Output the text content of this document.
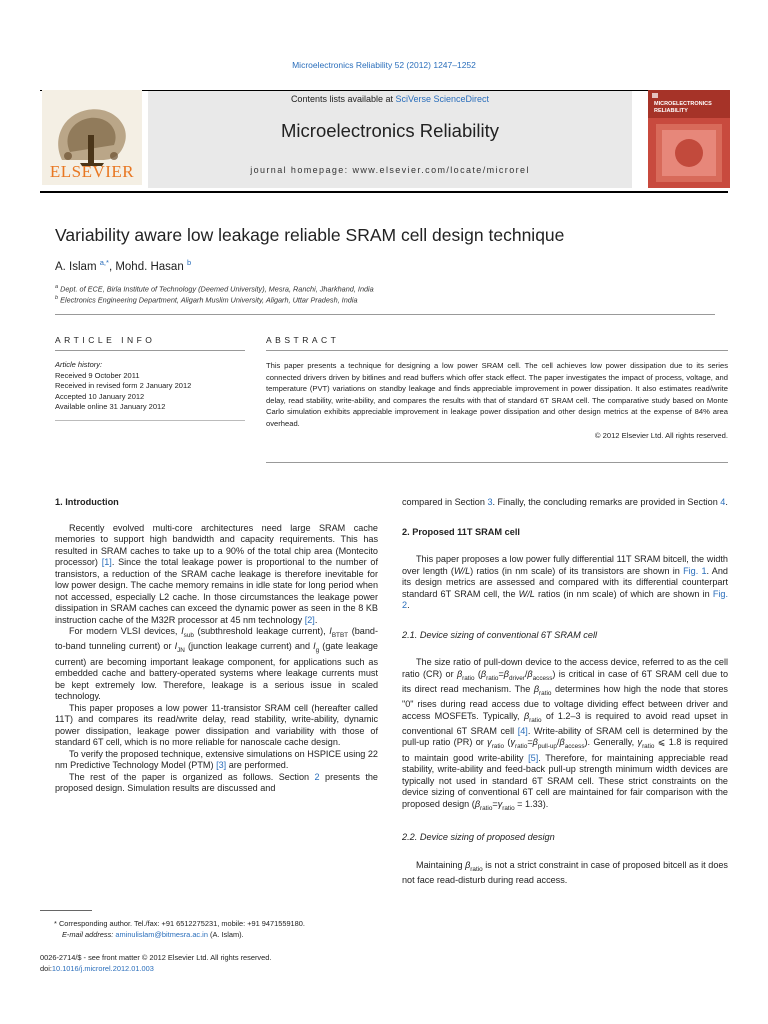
Microelectronics Reliability 52 (2012) 1247–1252
ELSEVIER
Contents lists available at SciVerse ScienceDirect
Microelectronics Reliability
journal homepage: www.elsevier.com/locate/microrel
MICROELECTRONICS RELIABILITY
Variability aware low leakage reliable SRAM cell design technique
A. Islam $^{a,*}$, Mohd. Hasan $^b$
$^a$ Dept. of ECE, Birla Institute of Technology (Deemed University), Mesra, Ranchi, Jharkhand, India
$^b$ Electronics Engineering Department, Aligarh Muslim University, Aligarh, Uttar Pradesh, India
ARTICLE INFO	ABSTRACT
Article history:
Received 9 October 2011
Received in revised form 2 January 2012
Accepted 10 January 2012
Available online 31 January 2012
This paper presents a technique for designing a low power SRAM cell. The cell achieves low power dissipation due to its series connected drivers driven by bitlines and read buffers which offer stack effect. The paper investigates the impact of process, voltage, and temperature (PVT) variations on standby leakage and finds appreciable improvement in power dissipation. It also estimates read/write delay, read stability, write-ability, and compares the results with that of standard 6T SRAM cell. The comparative study based on Monte Carlo simulation exhibits appreciable improvement in leakage power dissipation and other design metrics at the expense of 84% area overhead.
© 2012 Elsevier Ltd. All rights reserved.
1. Introduction

Recently evolved multi-core architectures need large SRAM cache memories to support high bandwidth and capacity requirements. This has resulted in SRAM caches to take up to a 90% of the total chip area (Montecito processor) [1]. Since the total leakage power is proportional to the number of transistors, a reduction of the SRAM cache leakage is therefore inevitable for low power design. The cache memory remains in idle state for long period when not accessed, especially L2 cache. In those circumstances the leakage power dissipation in SRAM caches can exceed the dynamic power as seen in the 8 KB instruction cache of the M32R processor at 45 nm technology [2].

For modern VLSI devices, $I_{sub}$ (subthreshold leakage current), $I_{BTBT}$ (band-to-band tunneling current) or $I_{JN}$ (junction leakage current) and $I_g$ (gate leakage current) are becoming important leakage component, for applications such as embedded cache and battery-operated systems where leakage currents must be kept extremely low. Therefore, leakage is a serious issue in scaled technology.

This paper proposes a low power 11-transistor SRAM cell (hereafter called 11T) and compares its read/write delay, read stability, write-ability, dynamic power dissipation, leakage power dissipation and variability with those of standard 6T cell, which is no more reliable for nanoscale cache design.

To verify the proposed technique, extensive simulations on HSPICE using 22 nm Predictive Technology Model (PTM) [3] are performed.

The rest of the paper is organized as follows. Section 2 presents the proposed design. Simulation results are discussed and

compared in Section 3. Finally, the concluding remarks are provided in Section 4.

2. Proposed 11T SRAM cell

This paper proposes a low power fully differential 11T SRAM bitcell, the width over length (W/L) ratios (in nm scale) of its transistors are shown in Fig. 1. And its design metrics are assessed and compared with its differential counterpart standard 6T SRAM cell, the W/L ratios (in nm scale) of which are shown in Fig. 2.

2.1. Device sizing of conventional 6T SRAM cell

The size ratio of pull-down device to the access device, referred to as the cell ratio (CR) or $\beta_{ratio}$ $(\beta_{ratio}=\beta_{driver}/\beta_{access})$ is critical in case of 6T SRAM cell due to its direct read mechanism. The $\beta_{ratio}$ determines how high the node that stores "0" rises during read access due to voltage dividing effect between driver and access MOSFETs. Typically, $\beta_{ratio}$ of 1.2–3 is required to avoid read upset in conventional 6T SRAM cell [4]. Write-ability of SRAM cell is determined by the pull-up ratio (PR) or $\gamma_{ratio}$ $(\gamma_{ratio}=\beta_{pull-up}/\beta_{access})$. Generally, $\gamma_{ratio}$ ⩽ 1.8 is required to maintain good write-ability [5]. Therefore, for maintaining appreciable read stability, write-ability and feed-back pull-up strength minimum width devices are typically not used in standard 6T SRAM cell. These strict constraints on the device sizing of conventional 6T cell are maintained for fair comparison with the proposed design $(\beta_{ratio}=\gamma_{ratio} = 1.33)$.

2.2. Device sizing of proposed design

Maintaining $\beta_{ratio}$ is not a strict constraint in case of proposed bitcell as it does not face read-disturb during read access.

* Corresponding author. Tel./fax: +91 6512275231, mobile: +91 9471559180.
E-mail address: aminulislam@bitmesra.ac.in (A. Islam).
0026-2714/$ - see front matter © 2012 Elsevier Ltd. All rights reserved.
doi:10.1016/j.microrel.2012.01.003
